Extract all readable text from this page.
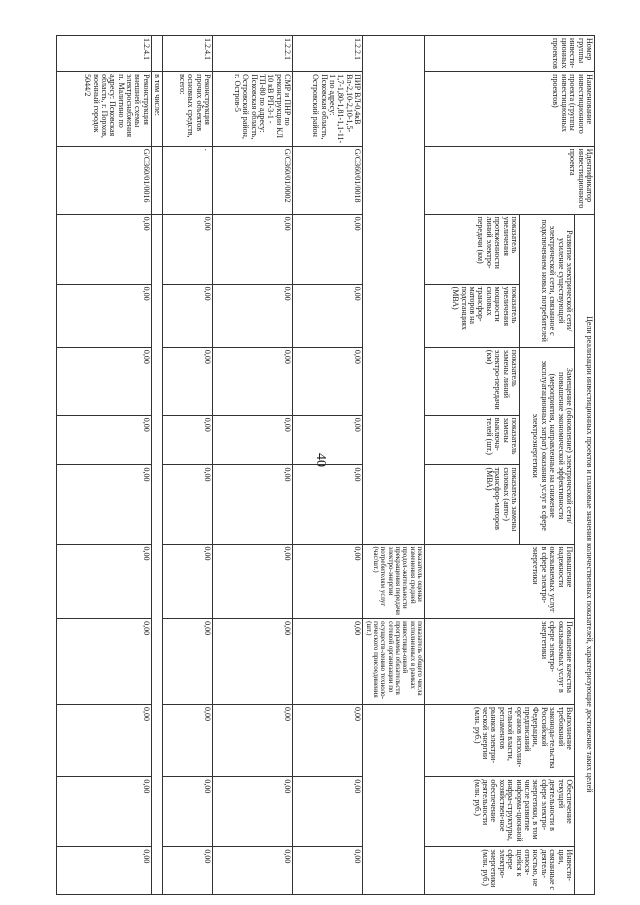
40
Номер группы инвести-ционных проектов	Наименование инвестиционного проекта (группы инвестиционных проектов)	Идентификатор инвестиционного проекта	Цели реализации инвестиционных проектов и плановые значения количественных показателей, характеризующие достижение таких целей									
			Развитие электрической сети/усиление существующей электрической сети, связанное с подключением новых потребителей		Замещение (обновление) электрической сети/повышение экономической эффективности (мероприятия, направленные на снижение эксплуатационных затрат) оказания услуг в сфере электроэнергетики			Повышение надежности оказываемых услуг в сфере электро-энергетики	Повышение качества оказываемых услуг в сфере электро-энергетики	Выполнение требований законода-тельства Российской Федерации, предписаний органов исполни-тельной власти, регламентов рынков электри-ческой энергии (млн. руб.)	Обеспечение текущей деятельности в сфере электро-энергетики, в том числе развитие информа-ционной инфра-структуры, хозяйствен-ное обеспечение деятельности (млн. руб.)	Инвести-ции, связанные с деятель-ностью, не относя-щейся к сфере электро-энергетики (млн. руб.)
			показатель увеличения протяженности линий электро-передачи (км)	показатель увеличения мощности силовых трансфор-маторов на подстанциях (МВА)	показатель замены линий электро-передачи (км)	показатель замены выключа-телей (шт.)	показатель замены силовых (авто-) трансфор-маторов (МВА)					
								показатель оценки изменения средней продол-жительности прекращения передачи электро-энергии потребителям услуг (час/шт.)	показатель общего числа исполненных в рамках инвестици-онной программы обязательств сетевой организации по осуществ-лению техноло-гического присоединения (шт.)			
1.2.2.1	ПИР ВЛ-0,4кВ Вл-2,10-2,10-1,5-1,7-1,80-1,81-1,1-11-1 по адресу: Псковская область, Островский район	G/С360/01/0018	0,00	0,00	0,00	0,00	0,00	0,00	0,00	0,00	0,00	0,00
1.2.2.1	СМР и ПНР по реконструкции КЛ 10 кВ РП-3-1 - ТП-80 по адресу: Псковская область, Островский район, г. Остров-5	G/С360/01/0002	0,00	0,00	0,00	0,00	0,00	0,00	0,00	0,00	0,00	0,00
1.2.4.1	Реконструкция прочих объектов основных средств, всего:	.	0,00	0,00	0,00	0,00	0,00	0,00	0,00	0,00	0,00	0,00
	в том числе:											
1.2.4.1	Реконструкция внешней схемы электроснабжения п. Малитино по адресу: Псковская область, г. Порхов, военный городок 5044/2	G/С360/01/0016	0,00	0,00	0,00	0,00	0,00	0,00	0,00	0,00	0,00	0,00
